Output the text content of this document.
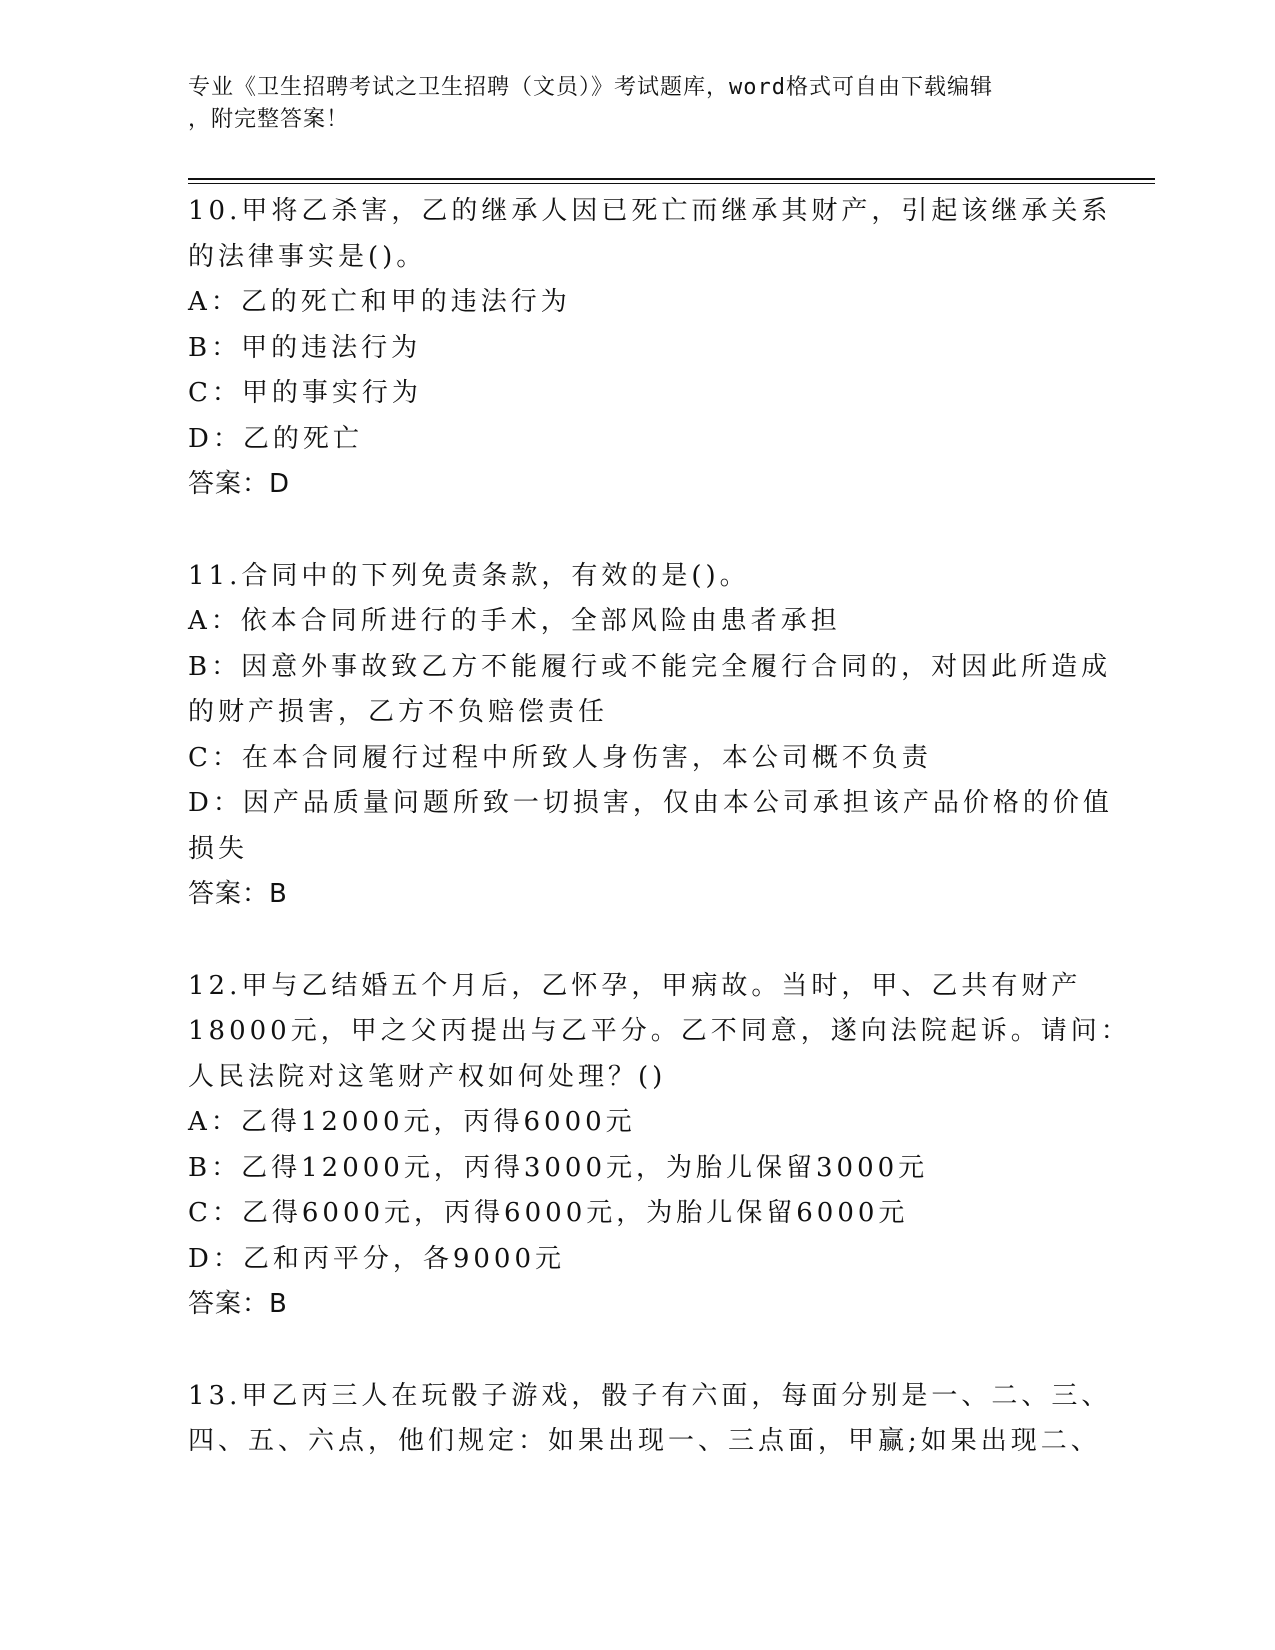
专业《卫生招聘考试之卫生招聘（文员）》考试题库，word格式可自由下载编辑
，附完整答案！
10.甲将乙杀害，乙的继承人因已死亡而继承其财产，引起该继承关系
的法律事实是()。
A：乙的死亡和甲的违法行为
B：甲的违法行为
C：甲的事实行为
D：乙的死亡
答案：D
11.合同中的下列免责条款，有效的是()。
A：依本合同所进行的手术，全部风险由患者承担
B：因意外事故致乙方不能履行或不能完全履行合同的，对因此所造成
的财产损害，乙方不负赔偿责任
C：在本合同履行过程中所致人身伤害，本公司概不负责
D：因产品质量问题所致一切损害，仅由本公司承担该产品价格的价值
损失
答案：B
12.甲与乙结婚五个月后，乙怀孕，甲病故。当时，甲、乙共有财产
18000元，甲之父丙提出与乙平分。乙不同意，遂向法院起诉。请问：
人民法院对这笔财产权如何处理？()
A：乙得12000元，丙得6000元
B：乙得12000元，丙得3000元，为胎儿保留3000元
C：乙得6000元，丙得6000元，为胎儿保留6000元
D：乙和丙平分，各9000元
答案：B
13.甲乙丙三人在玩骰子游戏，骰子有六面，每面分别是一、二、三、
四、五、六点，他们规定：如果出现一、三点面，甲赢;如果出现二、
